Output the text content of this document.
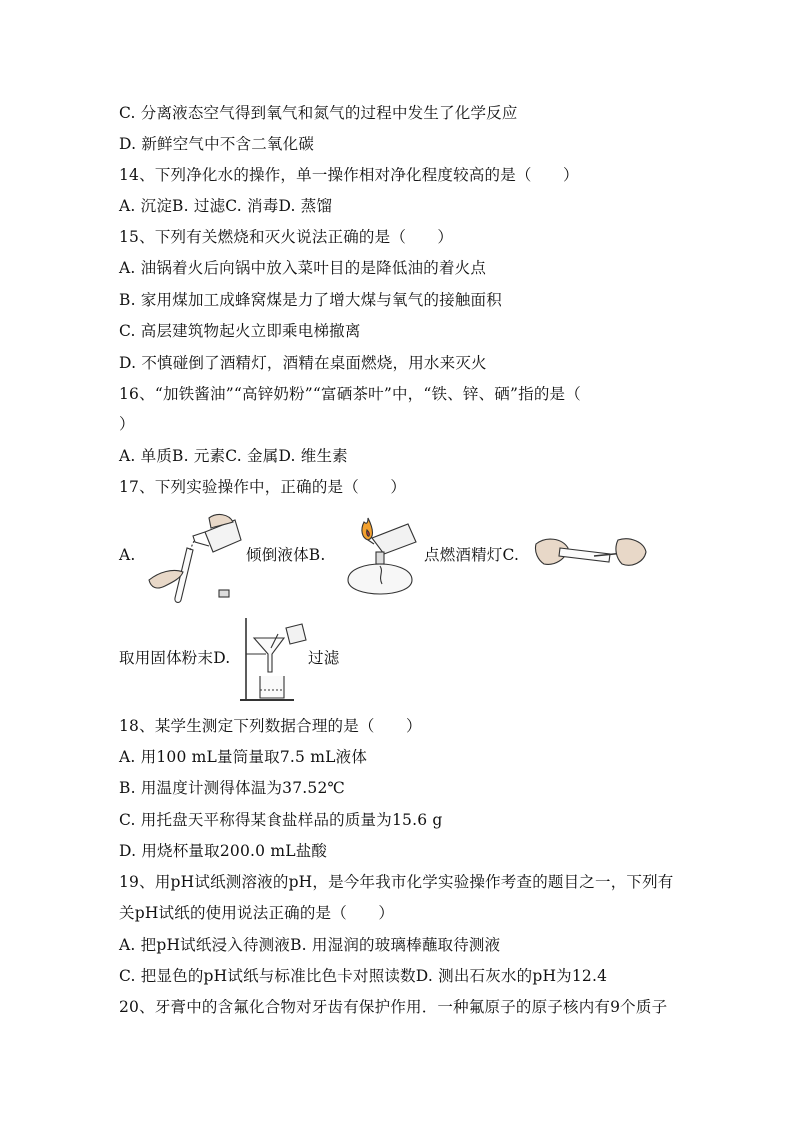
C. 分离液态空气得到氧气和氮气的过程中发生了化学反应
D. 新鲜空气中不含二氧化碳
14、下列净化水的操作，单一操作相对净化程度较高的是（　　）
A. 沉淀B. 过滤C. 消毒D. 蒸馏
15、下列有关燃烧和灭火说法正确的是（　　）
A. 油锅着火后向锅中放入菜叶目的是降低油的着火点
B. 家用煤加工成蜂窝煤是力了增大煤与氧气的接触面积
C. 高层建筑物起火立即乘电梯撤离
D. 不慎碰倒了酒精灯，酒精在桌面燃烧，用水来灭火
16、“加铁酱油”“高锌奶粉”“富硒茶叶”中，“铁、锌、硒”指的是（
）
A. 单质B. 元素C. 金属D. 维生素
17、下列实验操作中，正确的是（　　）
A.	倾倒液体B.	点燃酒精灯C.
取用固体粉末D.	过滤
18、某学生测定下列数据合理的是（　　）
A. 用100 mL量筒量取7.5 mL液体
B. 用温度计测得体温为37.52℃
C. 用托盘天平称得某食盐样品的质量为15.6 g
D. 用烧杯量取200.0 mL盐酸
19、用pH试纸测溶液的pH，是今年我市化学实验操作考查的题目之一，下列有
关pH试纸的使用说法正确的是（　　）
A. 把pH试纸浸入待测液B. 用湿润的玻璃棒蘸取待测液
C. 把显色的pH试纸与标准比色卡对照读数D. 测出石灰水的pH为12.4
20、牙膏中的含氟化合物对牙齿有保护作用．一种氟原子的原子核内有9个质子
